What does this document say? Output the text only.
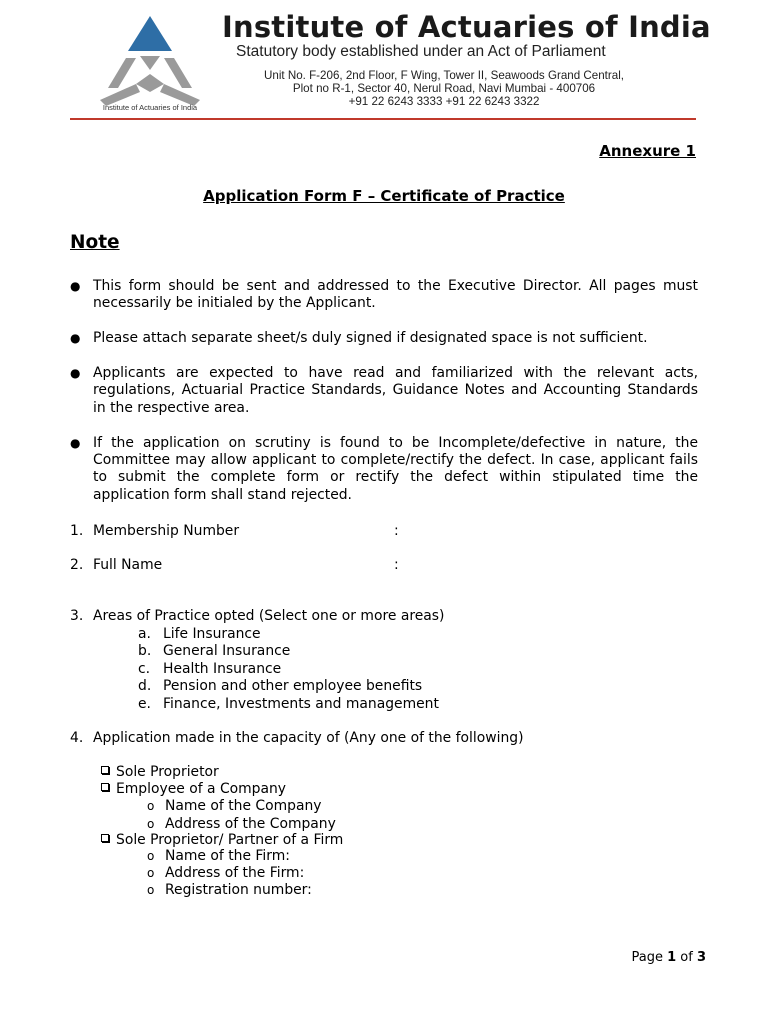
Institute of Actuaries of India
Institute of Actuaries of India
Statutory body established under an Act of Parliament
Unit No. F-206, 2nd Floor, F Wing, Tower II, Seawoods Grand Central,
Plot no R-1, Sector 40, Nerul Road, Navi Mumbai - 400706
+91 22 6243 3333 +91 22 6243 3322
Annexure 1
Application Form F – Certificate of Practice
Note
● This form should be sent and addressed to the Executive Director. All pages must necessarily be initialed by the Applicant.
● Please attach separate sheet/s duly signed if designated space is not sufficient.
● Applicants are expected to have read and familiarized with the relevant acts, regulations, Actuarial Practice Standards, Guidance Notes and Accounting Standards in the respective area.
● If the application on scrutiny is found to be Incomplete/defective in nature, the Committee may allow applicant to complete/rectify the defect. In case, applicant fails to submit the complete form or rectify the defect within stipulated time the application form shall stand rejected.
1. Membership Number	:
2. Full Name	:
3. Areas of Practice opted (Select one or more areas)
a. Life Insurance
b. General Insurance
c. Health Insurance
d. Pension and other employee benefits
e. Finance, Investments and management
4. Application made in the capacity of (Any one of the following)
Sole Proprietor
Employee of a Company
o Name of the Company
o Address of the Company
Sole Proprietor/ Partner of a Firm
o Name of the Firm:
o Address of the Firm:
o Registration number:
Page 1 of 3
